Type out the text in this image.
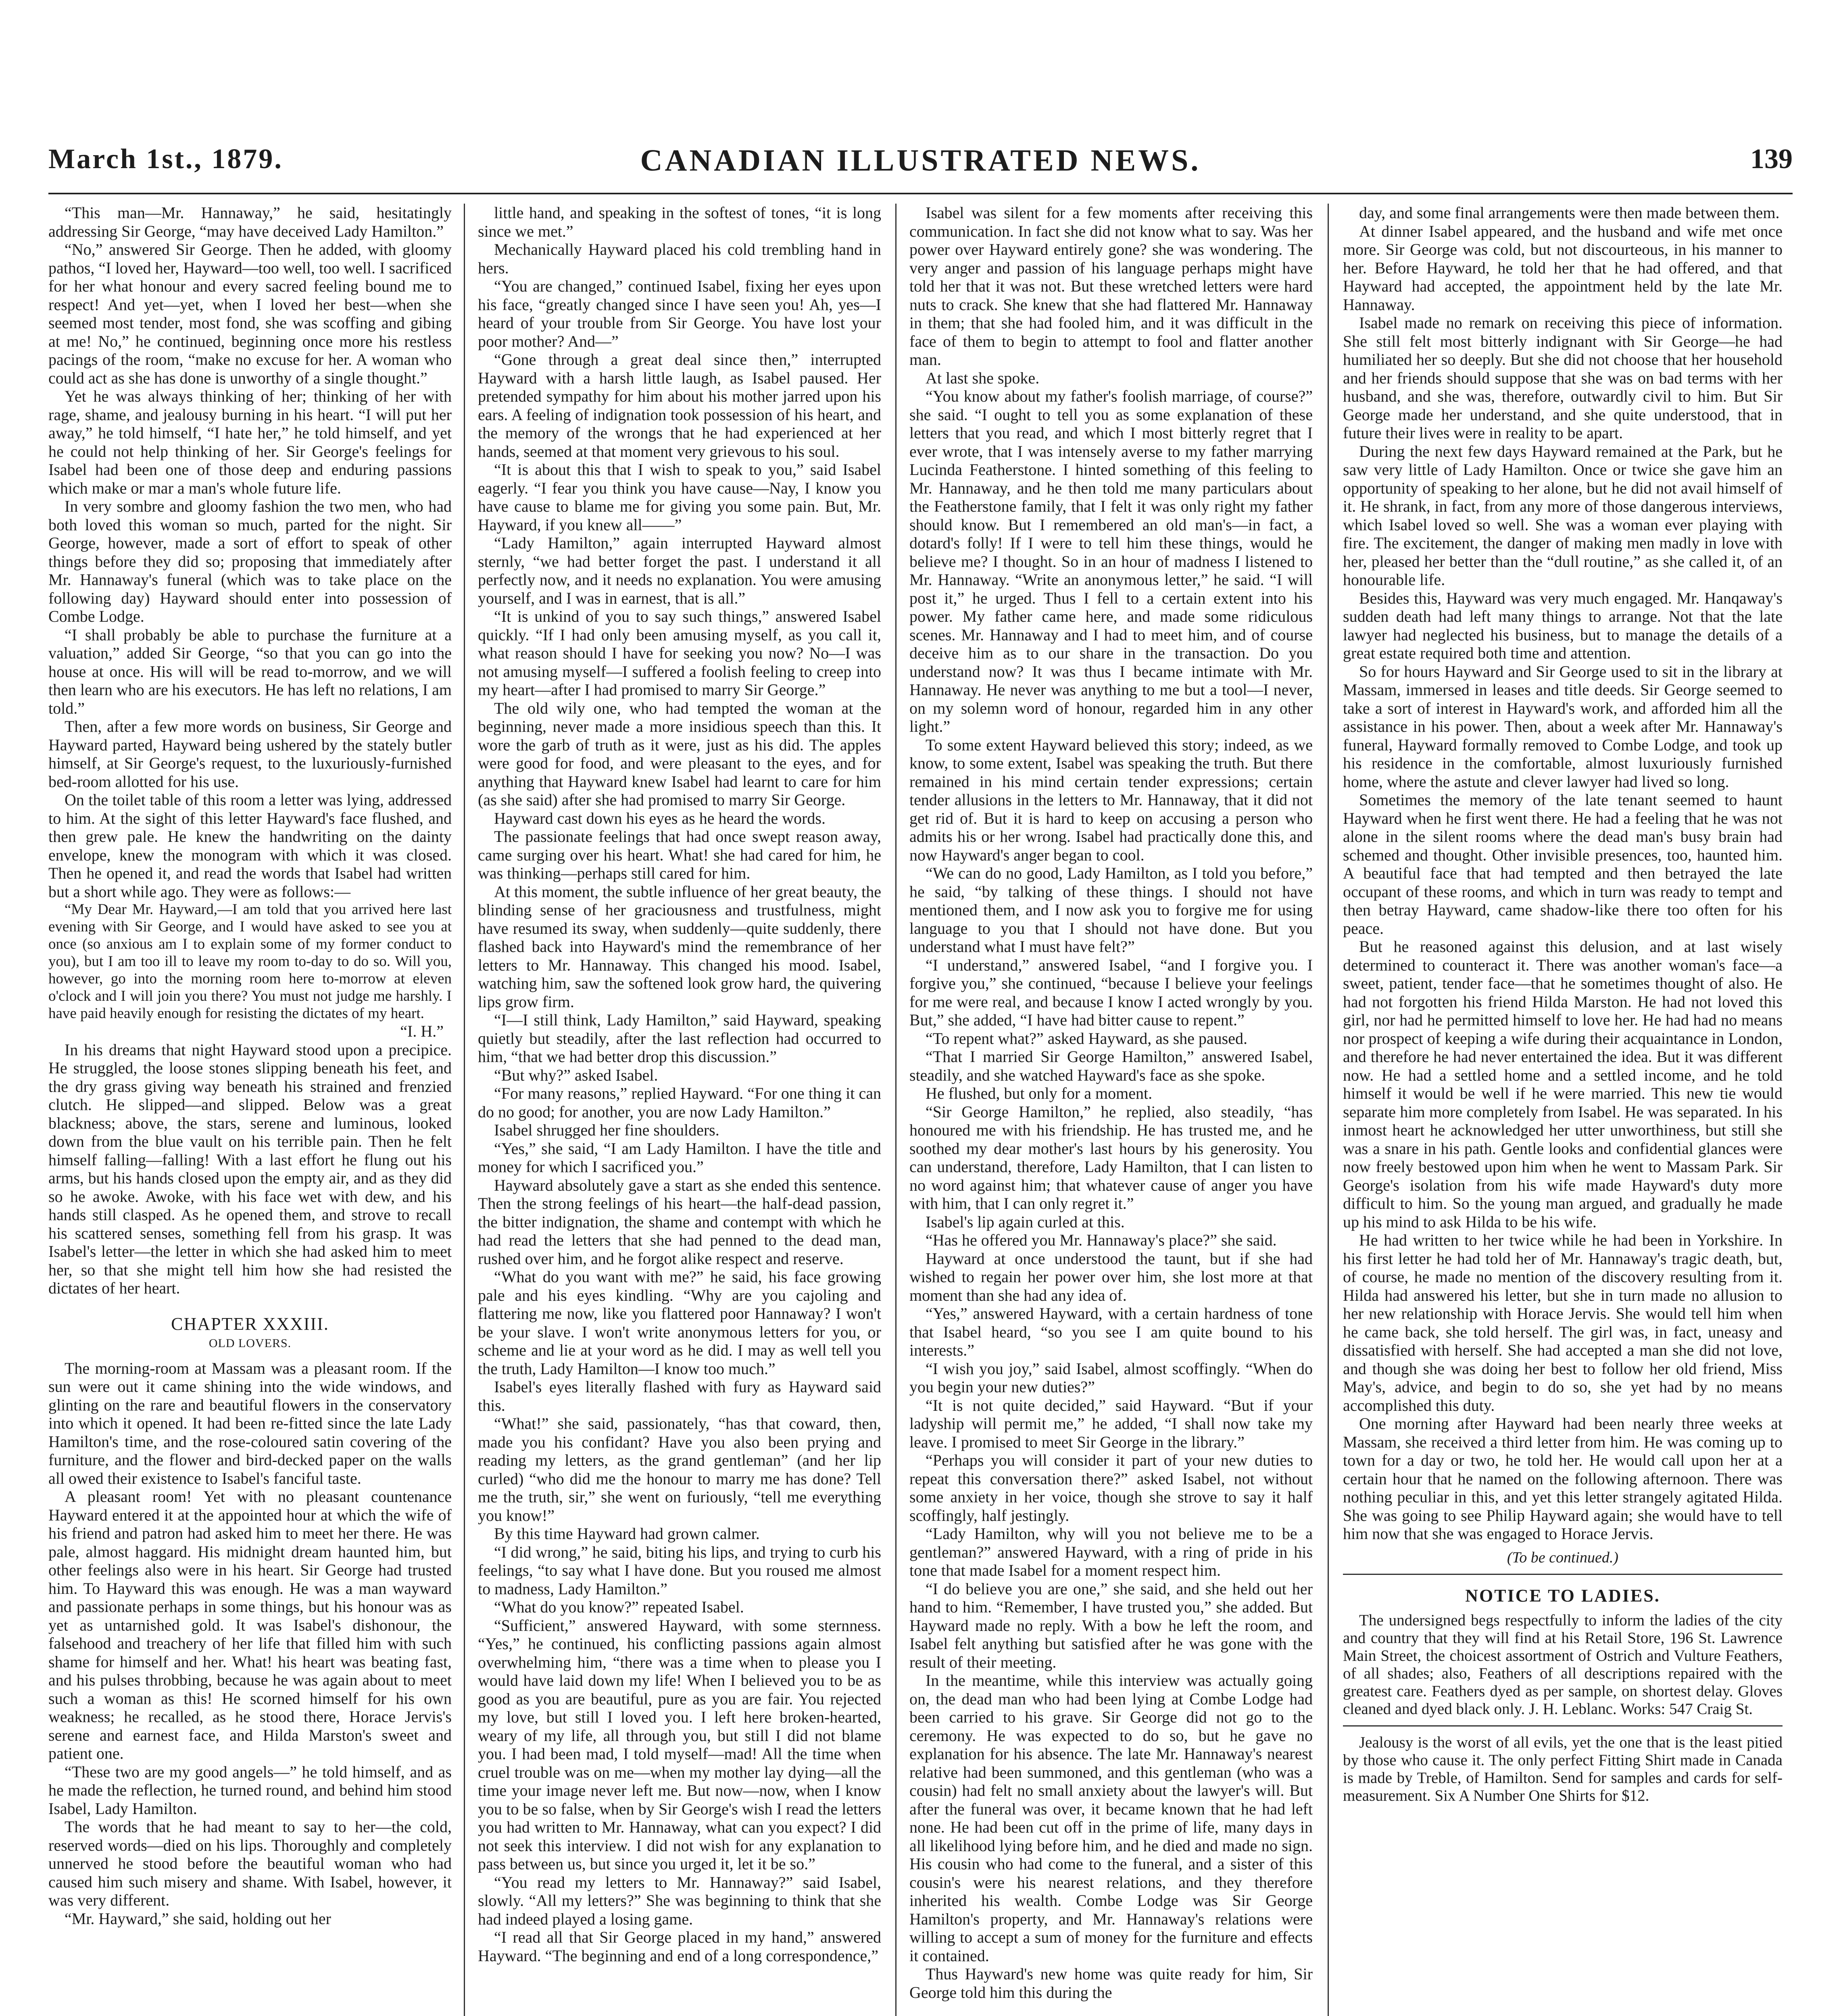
March 1st., 1879.	CANADIAN ILLUSTRATED NEWS.	139

“This man—Mr. Hannaway,” he said, hesitatingly addressing Sir George, “may have deceived Lady Hamilton.”

“No,” answered Sir George. Then he added, with gloomy pathos, “I loved her, Hayward—too well, too well. I sacrificed for her what honour and every sacred feeling bound me to respect! And yet—yet, when I loved her best—when she seemed most tender, most fond, she was scoffing and gibing at me! No,” he continued, beginning once more his restless pacings of the room, “make no excuse for her. A woman who could act as she has done is unworthy of a single thought.”

Yet he was always thinking of her; thinking of her with rage, shame, and jealousy burning in his heart. “I will put her away,” he told himself, “I hate her,” he told himself, and yet he could not help thinking of her. Sir George's feelings for Isabel had been one of those deep and enduring passions which make or mar a man's whole future life.

In very sombre and gloomy fashion the two men, who had both loved this woman so much, parted for the night. Sir George, however, made a sort of effort to speak of other things before they did so; proposing that immediately after Mr. Hannaway's funeral (which was to take place on the following day) Hayward should enter into possession of Combe Lodge.

“I shall probably be able to purchase the furniture at a valuation,” added Sir George, “so that you can go into the house at once. His will will be read to-morrow, and we will then learn who are his executors. He has left no relations, I am told.”

Then, after a few more words on business, Sir George and Hayward parted, Hayward being ushered by the stately butler himself, at Sir George's request, to the luxuriously-furnished bed-room allotted for his use.

On the toilet table of this room a letter was lying, addressed to him. At the sight of this letter Hayward's face flushed, and then grew pale. He knew the handwriting on the dainty envelope, knew the monogram with which it was closed. Then he opened it, and read the words that Isabel had written but a short while ago. They were as follows:—

“My Dear Mr. Hayward,—I am told that you arrived here last evening with Sir George, and I would have asked to see you at once (so anxious am I to explain some of my former conduct to you), but I am too ill to leave my room to-day to do so. Will you, however, go into the morning room here to-morrow at eleven o'clock and I will join you there? You must not judge me harshly. I have paid heavily enough for resisting the dictates of my heart.

“I. H.”

In his dreams that night Hayward stood upon a precipice. He struggled, the loose stones slipping beneath his feet, and the dry grass giving way beneath his strained and frenzied clutch. He slipped—and slipped. Below was a great blackness; above, the stars, serene and luminous, looked down from the blue vault on his terrible pain. Then he felt himself falling—falling! With a last effort he flung out his arms, but his hands closed upon the empty air, and as they did so he awoke. Awoke, with his face wet with dew, and his hands still clasped. As he opened them, and strove to recall his scattered senses, something fell from his grasp. It was Isabel's letter—the letter in which she had asked him to meet her, so that she might tell him how she had resisted the dictates of her heart.

CHAPTER XXXIII.
OLD LOVERS.

The morning-room at Massam was a pleasant room. If the sun were out it came shining into the wide windows, and glinting on the rare and beautiful flowers in the conservatory into which it opened. It had been re-fitted since the late Lady Hamilton's time, and the rose-coloured satin covering of the furniture, and the flower and bird-decked paper on the walls all owed their existence to Isabel's fanciful taste.

A pleasant room! Yet with no pleasant countenance Hayward entered it at the appointed hour at which the wife of his friend and patron had asked him to meet her there. He was pale, almost haggard. His midnight dream haunted him, but other feelings also were in his heart. Sir George had trusted him. To Hayward this was enough. He was a man wayward and passionate perhaps in some things, but his honour was as yet as untarnished gold. It was Isabel's dishonour, the falsehood and treachery of her life that filled him with such shame for himself and her. What! his heart was beating fast, and his pulses throbbing, because he was again about to meet such a woman as this! He scorned himself for his own weakness; he recalled, as he stood there, Horace Jervis's serene and earnest face, and Hilda Marston's sweet and patient one.

“These two are my good angels—” he told himself, and as he made the reflection, he turned round, and behind him stood Isabel, Lady Hamilton.

The words that he had meant to say to her—the cold, reserved words—died on his lips. Thoroughly and completely unnerved he stood before the beautiful woman who had caused him such misery and shame. With Isabel, however, it was very different.

“Mr. Hayward,” she said, holding out her

little hand, and speaking in the softest of tones, “it is long since we met.”

Mechanically Hayward placed his cold trembling hand in hers.

“You are changed,” continued Isabel, fixing her eyes upon his face, “greatly changed since I have seen you! Ah, yes—I heard of your trouble from Sir George. You have lost your poor mother? And—”

“Gone through a great deal since then,” interrupted Hayward with a harsh little laugh, as Isabel paused. Her pretended sympathy for him about his mother jarred upon his ears. A feeling of indignation took possession of his heart, and the memory of the wrongs that he had experienced at her hands, seemed at that moment very grievous to his soul.

“It is about this that I wish to speak to you,” said Isabel eagerly. “I fear you think you have cause—Nay, I know you have cause to blame me for giving you some pain. But, Mr. Hayward, if you knew all——”

“Lady Hamilton,” again interrupted Hayward almost sternly, “we had better forget the past. I understand it all perfectly now, and it needs no explanation. You were amusing yourself, and I was in earnest, that is all.”

“It is unkind of you to say such things,” answered Isabel quickly. “If I had only been amusing myself, as you call it, what reason should I have for seeking you now? No—I was not amusing myself—I suffered a foolish feeling to creep into my heart—after I had promised to marry Sir George.”

The old wily one, who had tempted the woman at the beginning, never made a more insidious speech than this. It wore the garb of truth as it were, just as his did. The apples were good for food, and were pleasant to the eyes, and for anything that Hayward knew Isabel had learnt to care for him (as she said) after she had promised to marry Sir George.

Hayward cast down his eyes as he heard the words.

The passionate feelings that had once swept reason away, came surging over his heart. What! she had cared for him, he was thinking—perhaps still cared for him.

At this moment, the subtle influence of her great beauty, the blinding sense of her graciousness and trustfulness, might have resumed its sway, when suddenly—quite suddenly, there flashed back into Hayward's mind the remembrance of her letters to Mr. Hannaway. This changed his mood. Isabel, watching him, saw the softened look grow hard, the quivering lips grow firm.

“I—I still think, Lady Hamilton,” said Hayward, speaking quietly but steadily, after the last reflection had occurred to him, “that we had better drop this discussion.”

“But why?” asked Isabel.

“For many reasons,” replied Hayward. “For one thing it can do no good; for another, you are now Lady Hamilton.”

Isabel shrugged her fine shoulders.

“Yes,” she said, “I am Lady Hamilton. I have the title and money for which I sacrificed you.”

Hayward absolutely gave a start as she ended this sentence. Then the strong feelings of his heart—the half-dead passion, the bitter indignation, the shame and contempt with which he had read the letters that she had penned to the dead man, rushed over him, and he forgot alike respect and reserve.

“What do you want with me?” he said, his face growing pale and his eyes kindling. “Why are you cajoling and flattering me now, like you flattered poor Hannaway? I won't be your slave. I won't write anonymous letters for you, or scheme and lie at your word as he did. I may as well tell you the truth, Lady Hamilton—I know too much.”

Isabel's eyes literally flashed with fury as Hayward said this.

“What!” she said, passionately, “has that coward, then, made you his confidant? Have you also been prying and reading my letters, as the grand gentleman” (and her lip curled) “who did me the honour to marry me has done? Tell me the truth, sir,” she went on furiously, “tell me everything you know!”

By this time Hayward had grown calmer.

“I did wrong,” he said, biting his lips, and trying to curb his feelings, “to say what I have done. But you roused me almost to madness, Lady Hamilton.”

“What do you know?” repeated Isabel.

“Sufficient,” answered Hayward, with some sternness. “Yes,” he continued, his conflicting passions again almost overwhelming him, “there was a time when to please you I would have laid down my life! When I believed you to be as good as you are beautiful, pure as you are fair. You rejected my love, but still I loved you. I left here broken-hearted, weary of my life, all through you, but still I did not blame you. I had been mad, I told myself—mad! All the time when cruel trouble was on me—when my mother lay dying—all the time your image never left me. But now—now, when I know you to be so false, when by Sir George's wish I read the letters you had written to Mr. Hannaway, what can you expect? I did not seek this interview. I did not wish for any explanation to pass between us, but since you urged it, let it be so.”

“You read my letters to Mr. Hannaway?” said Isabel, slowly. “All my letters?” She was beginning to think that she had indeed played a losing game.

“I read all that Sir George placed in my hand,” answered Hayward. “The beginning and end of a long correspondence,”

Isabel was silent for a few moments after receiving this communication. In fact she did not know what to say. Was her power over Hayward entirely gone? she was wondering. The very anger and passion of his language perhaps might have told her that it was not. But these wretched letters were hard nuts to crack. She knew that she had flattered Mr. Hannaway in them; that she had fooled him, and it was difficult in the face of them to begin to attempt to fool and flatter another man.

At last she spoke.

“You know about my father's foolish marriage, of course?” she said. “I ought to tell you as some explanation of these letters that you read, and which I most bitterly regret that I ever wrote, that I was intensely averse to my father marrying Lucinda Featherstone. I hinted something of this feeling to Mr. Hannaway, and he then told me many particulars about the Featherstone family, that I felt it was only right my father should know. But I remembered an old man's—in fact, a dotard's folly! If I were to tell him these things, would he believe me? I thought. So in an hour of madness I listened to Mr. Hannaway. “Write an anonymous letter,” he said. “I will post it,” he urged. Thus I fell to a certain extent into his power. My father came here, and made some ridiculous scenes. Mr. Hannaway and I had to meet him, and of course deceive him as to our share in the transaction. Do you understand now? It was thus I became intimate with Mr. Hannaway. He never was anything to me but a tool—I never, on my solemn word of honour, regarded him in any other light.”

To some extent Hayward believed this story; indeed, as we know, to some extent, Isabel was speaking the truth. But there remained in his mind certain tender expressions; certain tender allusions in the letters to Mr. Hannaway, that it did not get rid of. But it is hard to keep on accusing a person who admits his or her wrong. Isabel had practically done this, and now Hayward's anger began to cool.

“We can do no good, Lady Hamilton, as I told you before,” he said, “by talking of these things. I should not have mentioned them, and I now ask you to forgive me for using language to you that I should not have done. But you understand what I must have felt?”

“I understand,” answered Isabel, “and I forgive you. I forgive you,” she continued, “because I believe your feelings for me were real, and because I know I acted wrongly by you. But,” she added, “I have had bitter cause to repent.”

“To repent what?” asked Hayward, as she paused.

“That I married Sir George Hamilton,” answered Isabel, steadily, and she watched Hayward's face as she spoke.

He flushed, but only for a moment.

“Sir George Hamilton,” he replied, also steadily, “has honoured me with his friendship. He has trusted me, and he soothed my dear mother's last hours by his generosity. You can understand, therefore, Lady Hamilton, that I can listen to no word against him; that whatever cause of anger you have with him, that I can only regret it.”

Isabel's lip again curled at this.

“Has he offered you Mr. Hannaway's place?” she said.

Hayward at once understood the taunt, but if she had wished to regain her power over him, she lost more at that moment than she had any idea of.

“Yes,” answered Hayward, with a certain hardness of tone that Isabel heard, “so you see I am quite bound to his interests.”

“I wish you joy,” said Isabel, almost scoffingly. “When do you begin your new duties?”

“It is not quite decided,” said Hayward. “But if your ladyship will permit me,” he added, “I shall now take my leave. I promised to meet Sir George in the library.”

“Perhaps you will consider it part of your new duties to repeat this conversation there?” asked Isabel, not without some anxiety in her voice, though she strove to say it half scoffingly, half jestingly.

“Lady Hamilton, why will you not believe me to be a gentleman?” answered Hayward, with a ring of pride in his tone that made Isabel for a moment respect him.

“I do believe you are one,” she said, and she held out her hand to him. “Remember, I have trusted you,” she added. But Hayward made no reply. With a bow he left the room, and Isabel felt anything but satisfied after he was gone with the result of their meeting.

In the meantime, while this interview was actually going on, the dead man who had been lying at Combe Lodge had been carried to his grave. Sir George did not go to the ceremony. He was expected to do so, but he gave no explanation for his absence. The late Mr. Hannaway's nearest relative had been summoned, and this gentleman (who was a cousin) had felt no small anxiety about the lawyer's will. But after the funeral was over, it became known that he had left none. He had been cut off in the prime of life, many days in all likelihood lying before him, and he died and made no sign. His cousin who had come to the funeral, and a sister of this cousin's were his nearest relations, and they therefore inherited his wealth. Combe Lodge was Sir George Hamilton's property, and Mr. Hannaway's relations were willing to accept a sum of money for the furniture and effects it contained.

Thus Hayward's new home was quite ready for him, Sir George told him this during the

day, and some final arrangements were then made between them.

At dinner Isabel appeared, and the husband and wife met once more. Sir George was cold, but not discourteous, in his manner to her. Before Hayward, he told her that he had offered, and that Hayward had accepted, the appointment held by the late Mr. Hannaway.

Isabel made no remark on receiving this piece of information. She still felt most bitterly indignant with Sir George—he had humiliated her so deeply. But she did not choose that her household and her friends should suppose that she was on bad terms with her husband, and she was, therefore, outwardly civil to him. But Sir George made her understand, and she quite understood, that in future their lives were in reality to be apart.

During the next few days Hayward remained at the Park, but he saw very little of Lady Hamilton. Once or twice she gave him an opportunity of speaking to her alone, but he did not avail himself of it. He shrank, in fact, from any more of those dangerous interviews, which Isabel loved so well. She was a woman ever playing with fire. The excitement, the danger of making men madly in love with her, pleased her better than the “dull routine,” as she called it, of an honourable life.

Besides this, Hayward was very much engaged. Mr. Hanqaway's sudden death had left many things to arrange. Not that the late lawyer had neglected his business, but to manage the details of a great estate required both time and attention.

So for hours Hayward and Sir George used to sit in the library at Massam, immersed in leases and title deeds. Sir George seemed to take a sort of interest in Hayward's work, and afforded him all the assistance in his power. Then, about a week after Mr. Hannaway's funeral, Hayward formally removed to Combe Lodge, and took up his residence in the comfortable, almost luxuriously furnished home, where the astute and clever lawyer had lived so long.

Sometimes the memory of the late tenant seemed to haunt Hayward when he first went there. He had a feeling that he was not alone in the silent rooms where the dead man's busy brain had schemed and thought. Other invisible presences, too, haunted him. A beautiful face that had tempted and then betrayed the late occupant of these rooms, and which in turn was ready to tempt and then betray Hayward, came shadow-like there too often for his peace.

But he reasoned against this delusion, and at last wisely determined to counteract it. There was another woman's face—a sweet, patient, tender face—that he sometimes thought of also. He had not forgotten his friend Hilda Marston. He had not loved this girl, nor had he permitted himself to love her. He had had no means nor prospect of keeping a wife during their acquaintance in London, and therefore he had never entertained the idea. But it was different now. He had a settled home and a settled income, and he told himself it would be well if he were married. This new tie would separate him more completely from Isabel. He was separated. In his inmost heart he acknowledged her utter unworthiness, but still she was a snare in his path. Gentle looks and confidential glances were now freely bestowed upon him when he went to Massam Park. Sir George's isolation from his wife made Hayward's duty more difficult to him. So the young man argued, and gradually he made up his mind to ask Hilda to be his wife.

He had written to her twice while he had been in Yorkshire. In his first letter he had told her of Mr. Hannaway's tragic death, but, of course, he made no mention of the discovery resulting from it. Hilda had answered his letter, but she in turn made no allusion to her new relationship with Horace Jervis. She would tell him when he came back, she told herself. The girl was, in fact, uneasy and dissatisfied with herself. She had accepted a man she did not love, and though she was doing her best to follow her old friend, Miss May's, advice, and begin to do so, she yet had by no means accomplished this duty.

One morning after Hayward had been nearly three weeks at Massam, she received a third letter from him. He was coming up to town for a day or two, he told her. He would call upon her at a certain hour that he named on the following afternoon. There was nothing peculiar in this, and yet this letter strangely agitated Hilda. She was going to see Philip Hayward again; she would have to tell him now that she was engaged to Horace Jervis.

(To be continued.)
NOTICE TO LADIES.

The undersigned begs respectfully to inform the ladies of the city and country that they will find at his Retail Store, 196 St. Lawrence Main Street, the choicest assortment of Ostrich and Vulture Feathers, of all shades; also, Feathers of all descriptions repaired with the greatest care. Feathers dyed as per sample, on shortest delay. Gloves cleaned and dyed black only. J. H. Leblanc. Works: 547 Craig St.

Jealousy is the worst of all evils, yet the one that is the least pitied by those who cause it. The only perfect Fitting Shirt made in Canada is made by Treble, of Hamilton. Send for samples and cards for self-measurement. Six A Number One Shirts for $12.
